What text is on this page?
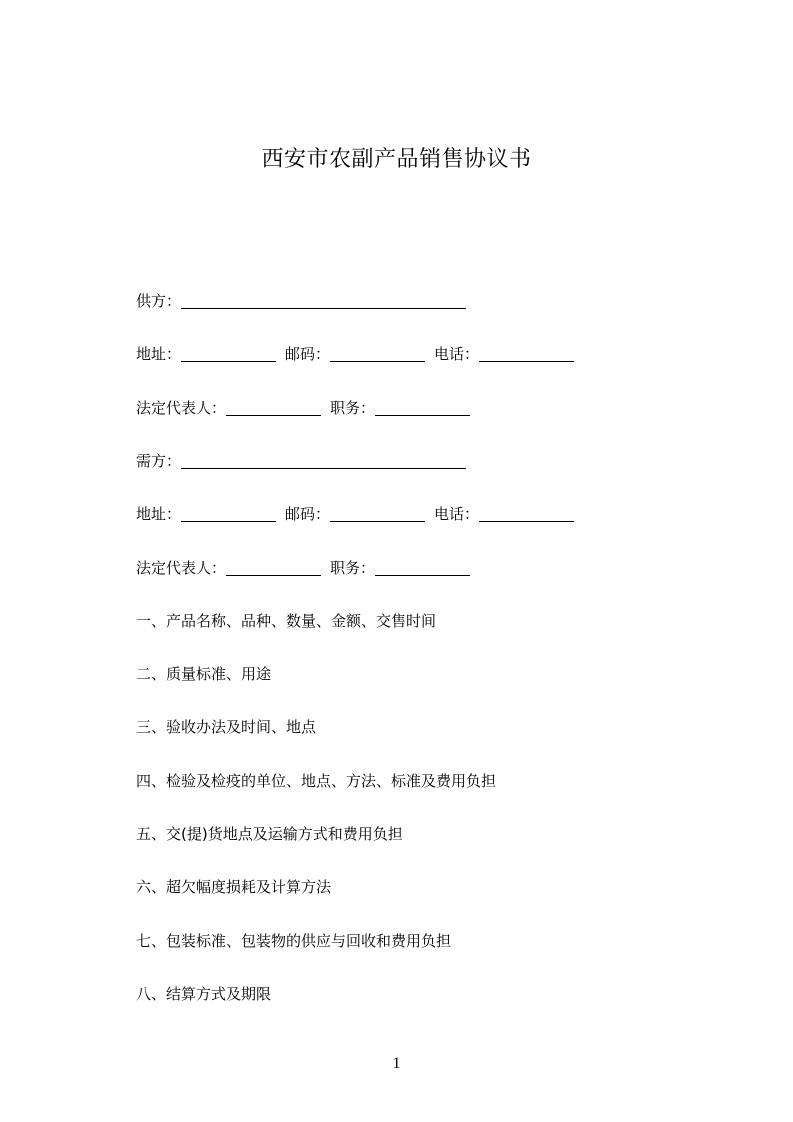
西安市农副产品销售协议书
供方：
地址：	邮码：	电话：
法定代表人：	职务：
需方：
地址：	邮码：	电话：
法定代表人：	职务：
一、产品名称、品种、数量、金额、交售时间
二、质量标准、用途
三、验收办法及时间、地点
四、检验及检疫的单位、地点、方法、标准及费用负担
五、交(提)货地点及运输方式和费用负担
六、超欠幅度损耗及计算方法
七、包装标准、包装物的供应与回收和费用负担
八、结算方式及期限
1
